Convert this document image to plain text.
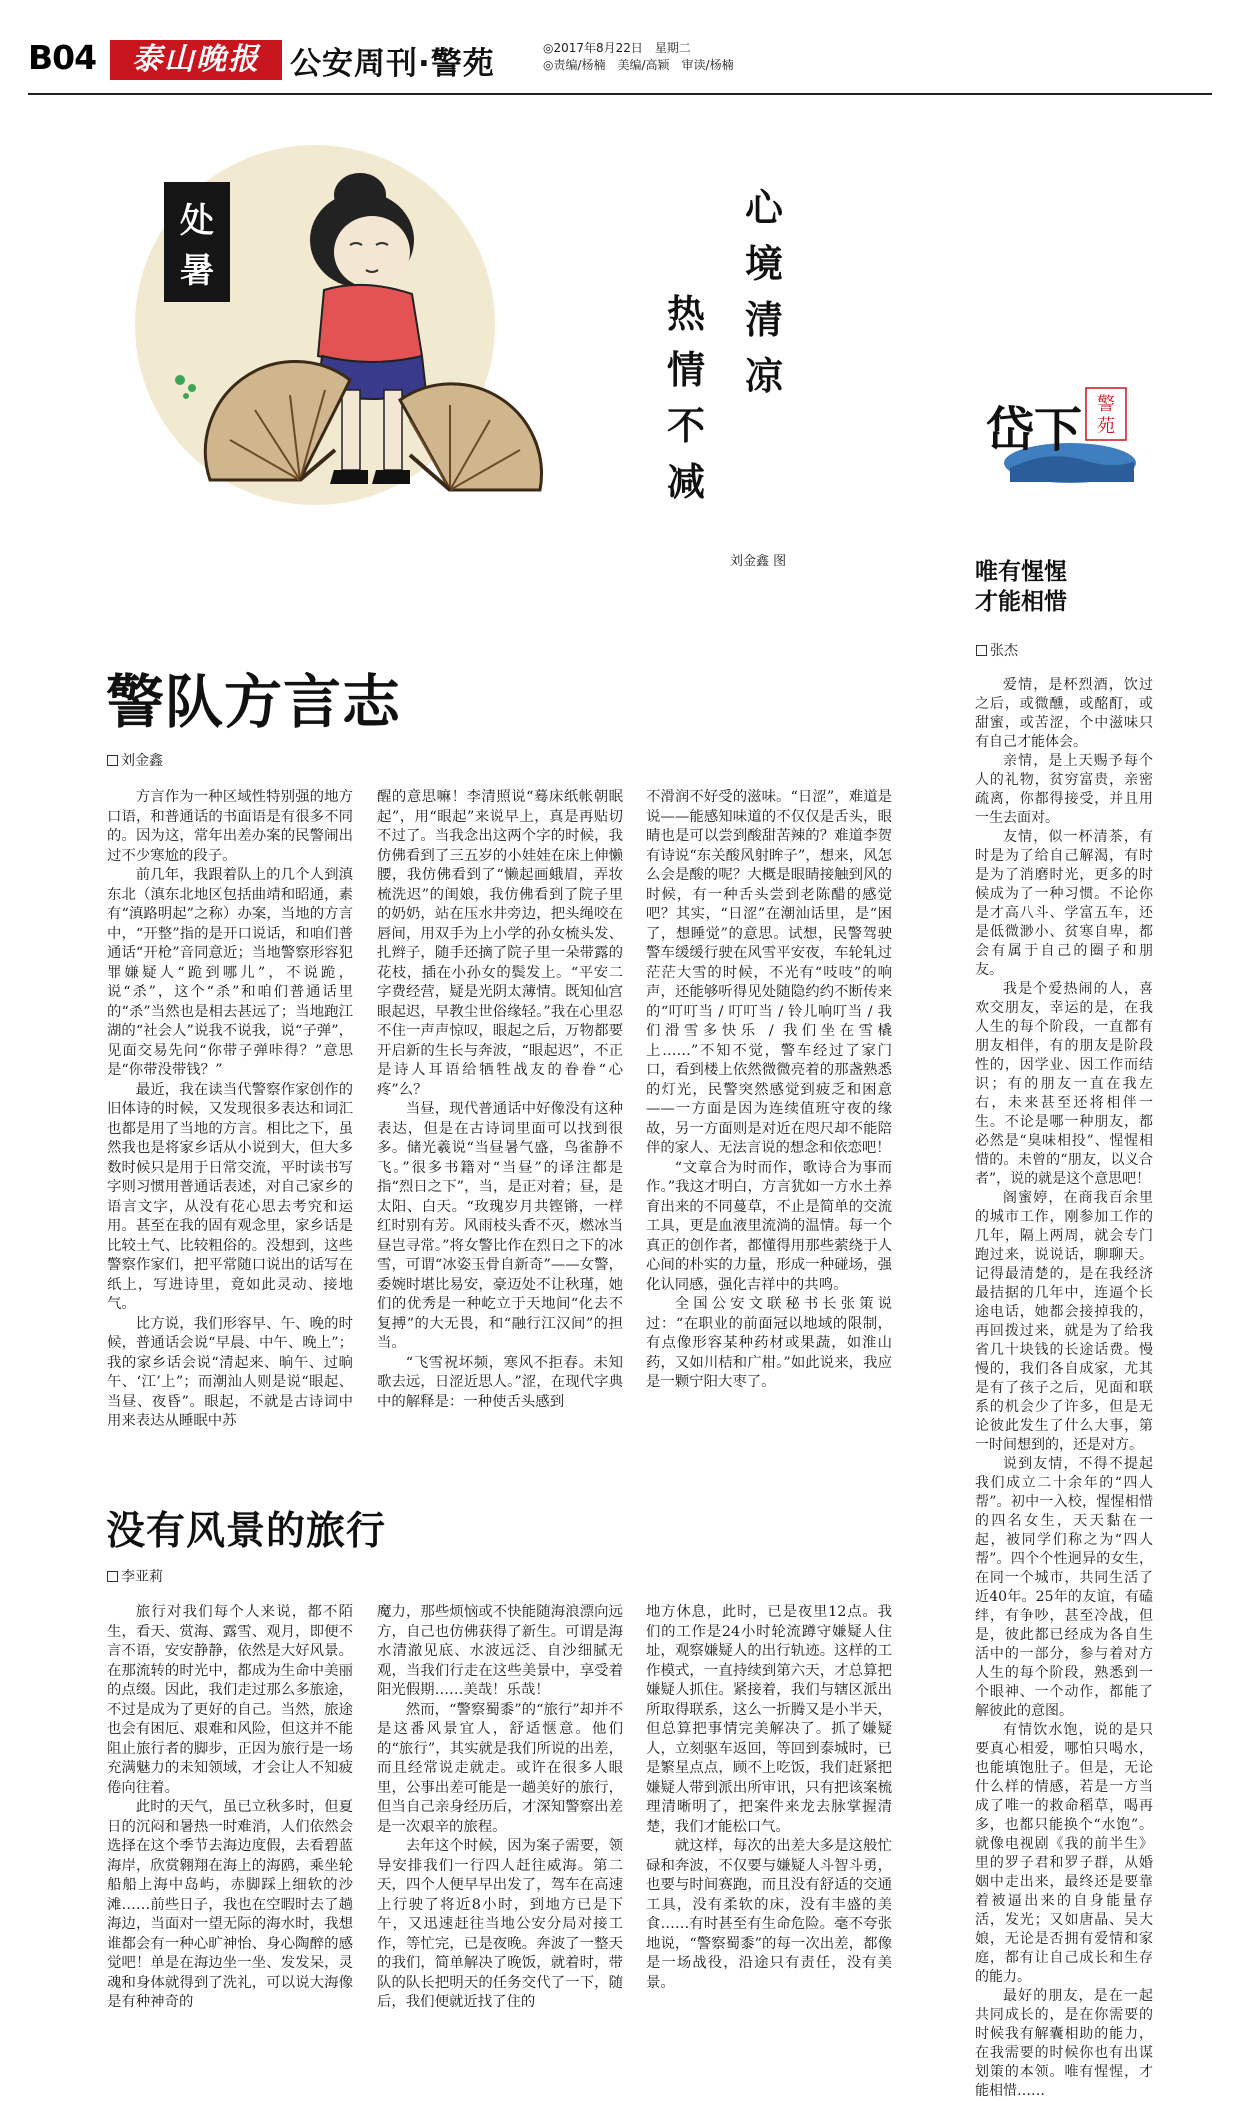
B04	泰山晚报 公安周刊·警苑	◎2017年8月22日　星期二
◎责编/杨楠　美编/高颖　审读/杨楠
处
暑
心境清凉
热情不减
刘金鑫 图
岱下 警
苑
警队方言志
刘金鑫

方言作为一种区域性特别强的地方口语，和普通话的书面语是有很多不同的。因为这，常年出差办案的民警闹出过不少寒尬的段子。

前几年，我跟着队上的几个人到滇东北（滇东北地区包括曲靖和昭通，素有“滇路明起”之称）办案，当地的方言中，“开整”指的是开口说话，和咱们普通话“开枪”音同意近；当地警察形容犯罪嫌疑人“跪到哪儿”，不说跪，说“杀”，这个“杀”和咱们普通话里的“杀”当然也是相去甚远了；当地跑江湖的“社会人”说我不说我，说“子弹”，见面交易先问“你带子弹咔得？”意思是“你带没带钱？”

最近，我在读当代警察作家创作的旧体诗的时候，又发现很多表达和词汇也都是用了当地的方言。相比之下，虽然我也是将家乡话从小说到大，但大多数时候只是用于日常交流，平时读书写字则习惯用普通话表述，对自己家乡的语言文字，从没有花心思去考究和运用。甚至在我的固有观念里，家乡话是比较土气、比较粗俗的。没想到，这些警察作家们，把平常随口说出的话写在纸上，写进诗里，竟如此灵动、接地气。

比方说，我们形容早、午、晚的时候，普通话会说“早晨、中午、晚上”；我的家乡话会说“清起来、晌午、过晌午、‘江’上”；而潮汕人则是说“眼起、当昼、夜昏”。眼起，不就是古诗词中用来表达从睡眠中苏

醒的意思嘛！李清照说“蓦床纸帐朝眠起”，用“眼起”来说早上，真是再贴切不过了。当我念出这两个字的时候，我仿佛看到了三五岁的小娃娃在床上伸懒腰，我仿佛看到了“懒起画蛾眉，弄妆梳洗迟”的闺娘，我仿佛看到了院子里的奶奶，站在压水井旁边，把头绳咬在唇间，用双手为上小学的孙女梳头发、扎辫子，随手还摘了院子里一朵带露的花枝，插在小孙女的鬓发上。“平安二字费经营，疑是光阴太薄情。既知仙宫眼起迟，早教尘世俗缘轻。”我在心里忍不住一声声惊叹，眼起之后，万物都要开启新的生长与奔波，“眼起迟”，不正是诗人耳语给牺牲战友的眷眷“心疼”么？

当昼，现代普通话中好像没有这种表达，但是在古诗词里面可以找到很多。储光羲说“当昼暑气盛，鸟雀静不飞。”很多书籍对“当昼”的译注都是指“烈日之下”，当，是正对着；昼，是太阳、白天。“玫瑰岁月共铿锵，一样红时别有芳。风雨枝头香不灭，燃冰当昼岂寻常。”将女警比作在烈日之下的冰雪，可谓“冰姿玉骨自新奇”——女警，委婉时堪比易安，豪迈处不让秋瑾，她们的优秀是一种屹立于天地间“化去不复搏”的大无畏，和“融行江汉间”的担当。

“飞雪祝坏频，寒风不拒春。未知歌去远，日涩近思人。”涩，在现代字典中的解释是：一种使舌头感到

不滑润不好受的滋味。“日涩”，难道是说——能感知味道的不仅仅是舌头，眼睛也是可以尝到酸甜苦辣的？难道李贺有诗说“东关酸风射眸子”，想来，风怎么会是酸的呢？大概是眼睛接触到风的时候，有一种舌头尝到老陈醋的感觉吧？其实，“日涩”在潮汕话里，是“困了，想睡觉”的意思。试想，民警驾驶警车缓缓行驶在风雪平安夜，车轮轧过茫茫大雪的时候，不光有“吱吱”的响声，还能够听得见处随隐约约不断传来的“叮叮当 / 叮叮当 / 铃儿响叮当 / 我们滑雪多快乐 / 我们坐在雪橇上……”不知不觉，警车经过了家门口，看到楼上依然微微亮着的那盏熟悉的灯光，民警突然感觉到疲乏和困意——一方面是因为连续值班守夜的缘故，另一方面则是对近在咫尺却不能陪伴的家人、无法言说的想念和依恋吧！

“文章合为时而作，歌诗合为事而作。”我这才明白，方言犹如一方水土养育出来的不同蔓草，不止是简单的交流工具，更是血液里流淌的温情。每一个真正的创作者，都懂得用那些萦绕于人心间的朴实的力量，形成一种碰场，强化认同感，强化吉祥中的共鸣。

全国公安文联秘书长张策说过：“在职业的前面冠以地域的限制，有点像形容某种药材或果蔬，如淮山药，又如川桔和广柑。”如此说来，我应是一颗宁阳大枣了。

没有风景的旅行
李亚莉

旅行对我们每个人来说，都不陌生，看天、赏海、露雪、观月，即便不言不语，安安静静，依然是大好风景。在那流转的时光中，都成为生命中美丽的点缀。因此，我们走过那么多旅途，不过是成为了更好的自己。当然，旅途也会有困厄、艰难和风险，但这并不能阻止旅行者的脚步，正因为旅行是一场充满魅力的未知领域，才会让人不知疲倦向往着。

此时的天气，虽已立秋多时，但夏日的沉闷和暑热一时难消，人们依然会选择在这个季节去海边度假，去看碧蓝海岸，欣赏翱翔在海上的海鸥，乘坐轮船船上海中岛屿，赤脚踩上细软的沙滩……前些日子，我也在空暇时去了趟海边，当面对一望无际的海水时，我想谁都会有一种心旷神怡、身心陶醉的感觉吧！单是在海边坐一坐、发发呆，灵魂和身体就得到了洗礼，可以说大海像是有种神奇的

魔力，那些烦恼或不快能随海浪漂向远方，自己也仿佛获得了新生。可谓是海水清澈见底、水波远泛、自沙细腻无观，当我们行走在这些美景中，享受着阳光假期……美哉！乐哉！

然而，“警察蜀黍”的“旅行”却并不是这番风景宜人，舒适惬意。他们的“旅行”，其实就是我们所说的出差，而且经常说走就走。或许在很多人眼里，公事出差可能是一趟美好的旅行，但当自己亲身经历后，才深知警察出差是一次艰辛的旅程。

去年这个时候，因为案子需要，领导安排我们一行四人赶往威海。第二天，四个人便早早出发了，驾车在高速上行驶了将近8小时，到地方已是下午，又迅速赶往当地公安分局对接工作，等忙完，已是夜晚。奔波了一整天的我们，简单解决了晚饭，就着时，带队的队长把明天的任务交代了一下，随后，我们便就近找了住的

地方休息，此时，已是夜里12点。我们的工作是24小时轮流蹲守嫌疑人住址，观察嫌疑人的出行轨迹。这样的工作模式，一直持续到第六天，才总算把嫌疑人抓住。紧接着，我们与辖区派出所取得联系，这么一折腾又是小半天，但总算把事情完美解决了。抓了嫌疑人，立刻驱车返回，等回到泰城时，已是繁星点点，顾不上吃饭，我们赶紧把嫌疑人带到派出所审讯，只有把该案梳理清晰明了，把案件来龙去脉掌握清楚，我们才能松口气。

就这样，每次的出差大多是这般忙碌和奔波，不仅要与嫌疑人斗智斗勇，也要与时间赛跑，而且没有舒适的交通工具，没有柔软的床，没有丰盛的美食……有时甚至有生命危险。毫不夸张地说，“警察蜀黍”的每一次出差，都像是一场战役，沿途只有责任，没有美景。

唯有惺惺
才能相惜
张杰

爱情，是杯烈酒，饮过之后，或微醺，或酩酊，或甜蜜，或苦涩，个中滋味只有自己才能体会。

亲情，是上天赐予每个人的礼物，贫穷富贵，亲密疏离，你都得接受，并且用一生去面对。

友情，似一杯清茶，有时是为了给自己解渴，有时是为了消磨时光，更多的时候成为了一种习惯。不论你是才高八斗、学富五车，还是低微渺小、贫寒自卑，都会有属于自己的圈子和朋友。

我是个爱热闹的人，喜欢交朋友，幸运的是，在我人生的每个阶段，一直都有朋友相伴，有的朋友是阶段性的，因学业、因工作而结识；有的朋友一直在我左右，未来甚至还将相伴一生。不论是哪一种朋友，都必然是“臭味相投”、惺惺相惜的。未曾的“朋友，以义合者”，说的就是这个意思吧！

阁蜜婷，在商我百余里的城市工作，刚参加工作的几年，隔上两周，就会专门跑过来，说说话，聊聊天。记得最清楚的，是在我经济最拮据的几年中，连逼个长途电话，她都会接掉我的，再回拨过来，就是为了给我省几十块钱的长途话费。慢慢的，我们各自成家，尤其是有了孩子之后，见面和联系的机会少了许多，但是无论彼此发生了什么大事，第一时间想到的，还是对方。

说到友情，不得不提起我们成立二十余年的“四人帮”。初中一入校，惺惺相惜的四名女生，天天黏在一起，被同学们称之为“四人帮”。四个个性迥异的女生，在同一个城市，共同生活了近40年。25年的友谊，有磕绊，有争吵，甚至冷战，但是，彼此都已经成为各自生活中的一部分，参与着对方人生的每个阶段，熟悉到一个眼神、一个动作，都能了解彼此的意图。

有情饮水饱，说的是只要真心相爱，哪怕只喝水，也能填饱肚子。但是，无论什么样的情感，若是一方当成了唯一的救命稻草，喝再多，也都只能换个“水饱”。就像电视剧《我的前半生》里的罗子君和罗子群，从婚姻中走出来，最终还是要靠着被逼出来的自身能量存活，发光；又如唐晶、吴大娘，无论是否拥有爱情和家庭，都有让自己成长和生存的能力。

最好的朋友，是在一起共同成长的，是在你需要的时候我有解囊相助的能力，在我需要的时候你也有出谋划策的本领。唯有惺惺，才能相惜……
